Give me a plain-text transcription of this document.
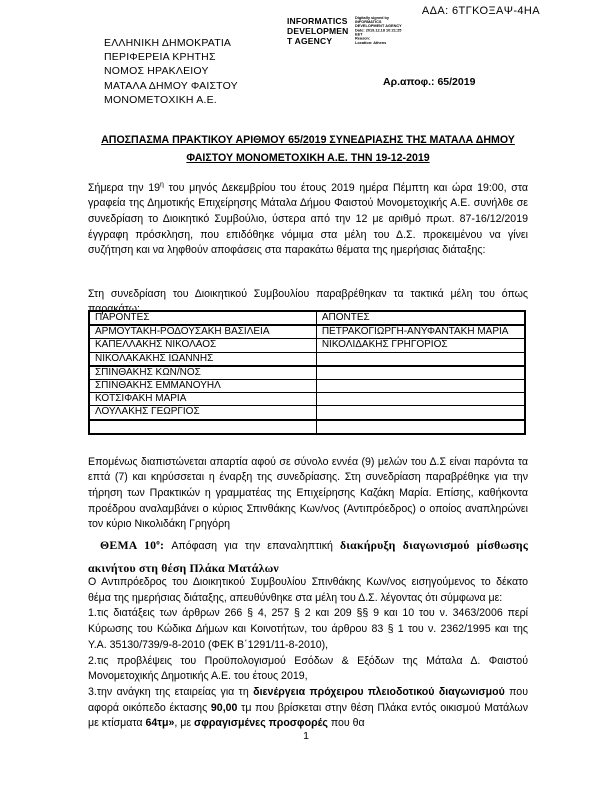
ΑΔΑ: 6ΤΓΚΟΞΑΨ-4ΗΑ
INFORMATICS
DEVELOPMEN
T AGENCY
Digitally signed by
INFORMATICS
DEVELOPMENT AGENCY
Date: 2019.12.18 10:21:25
EET
Reason:
Location: Athens
ΕΛΛΗΝΙΚΗ ΔΗΜΟΚΡΑΤΙΑ
ΠΕΡΙΦΕΡΕΙΑ ΚΡΗΤΗΣ
ΝΟΜΟΣ ΗΡΑΚΛΕΙΟΥ
ΜΑΤΑΛΑ ΔΗΜΟΥ ΦΑΙΣΤΟΥ
ΜΟΝΟΜΕΤΟΧΙΚΗ Α.Ε.
Αρ.αποφ.: 65/2019
ΑΠΟΣΠΑΣΜΑ ΠΡΑΚΤΙΚΟΥ ΑΡΙΘΜΟΥ 65/2019 ΣΥΝΕΔΡΙΑΣΗΣ ΤΗΣ ΜΑΤΑΛΑ ΔΗΜΟΥ ΦΑΙΣΤΟΥ ΜΟΝΟΜΕΤΟΧΙΚΗ Α.Ε. ΤΗΝ 19-12-2019

Σήμερα την $19^\eta$ του μηνός Δεκεμβρίου του έτους 2019 ημέρα Πέμπτη και ώρα 19:00, στα γραφεία της Δημοτικής Επιχείρησης Μάταλα Δήμου Φαιστού Μονομετοχικής Α.Ε. συνήλθε σε συνεδρίαση το Διοικητικό Συμβούλιο, ύστερα από την 12 με αριθμό πρωτ. 87-16/12/2019 έγγραφη πρόσκληση, που επιδόθηκε νόμιμα στα μέλη του Δ.Σ. προκειμένου να γίνει συζήτηση και να ληφθούν αποφάσεις στα παρακάτω θέματα της ημερήσιας διάταξης:

Στη συνεδρίαση του Διοικητικού Συμβουλίου παραβρέθηκαν τα τακτικά μέλη του όπως παρακάτω:

ΠΑΡΟΝΤΕΣ	ΑΠΟΝΤΕΣ
ΑΡΜΟΥΤΑΚΗ-ΡΟΔΟΥΣΑΚΗ ΒΑΣΙΛΕΙΑ	ΠΕΤΡΑΚΟΓΙΩΡΓΗ-ΑΝΥΦΑΝΤΑΚΗ ΜΑΡΙΑ
ΚΑΠΕΛΛΑΚΗΣ ΝΙΚΟΛΑΟΣ	ΝΙΚΟΛΙΔΑΚΗΣ ΓΡΗΓΟΡΙΟΣ
ΝΙΚΟΛΑΚΑΚΗΣ ΙΩΑΝΝΗΣ	
ΣΠΙΝΘΑΚΗΣ ΚΩΝ/ΝΟΣ	
ΣΠΙΝΘΑΚΗΣ ΕΜΜΑΝΟΥΗΛ	
ΚΟΤΣΙΦΑΚΗ ΜΑΡΙΑ	
ΛΟΥΛΑΚΗΣ ΓΕΩΡΓΙΟΣ	

Επομένως διαπιστώνεται απαρτία αφού σε σύνολο εννέα (9) μελών του Δ.Σ είναι παρόντα τα επτά (7) και κηρύσσεται η έναρξη της συνεδρίασης. Στη συνεδρίαση παραβρέθηκε για την τήρηση των Πρακτικών η γραμματέας της Επιχείρησης Καζάκη Μαρία. Επίσης, καθήκοντα προέδρου αναλαμβάνει ο κύριος Σπινθάκης Κων/νος (Αντιπρόεδρος) ο οποίος αναπληρώνει τον κύριο Νικολιδάκη Γρηγόρη

ΘΕΜΑ $10^o$: Απόφαση για την επαναληπτική διακήρυξη διαγωνισμού μίσθωσης ακινήτου στη θέση Πλάκα Ματάλων

Ο Αντιπρόεδρος του Διοικητικού Συμβουλίου Σπινθάκης Κων/νος εισηγούμενος το δέκατο θέμα της ημερήσιας διάταξης, απευθύνθηκε στα μέλη του Δ.Σ. λέγοντας ότι σύμφωνα με:

1.τις διατάξεις των άρθρων 266 § 4, 257 § 2 και 209 §§ 9 και 10 του ν. 3463/2006 περί Κύρωσης του Κώδικα Δήμων και Κοινοτήτων, του άρθρου 83 § 1 του ν. 2362/1995 και της Υ.Α. 35130/739/9-8-2010 (ΦΕΚ Β΄1291/11-8-2010),

2.τις προβλέψεις του Προϋπολογισμού Εσόδων & Εξόδων της Μάταλα Δ. Φαιστού Μονομετοχικής Δημοτικής Α.Ε. του έτους 2019,

3.την ανάγκη της εταιρείας για τη διενέργεια πρόχειρου πλειοδοτικού διαγωνισμού που αφορά οικόπεδο έκτασης 90,00 τμ που βρίσκεται στην θέση Πλάκα εντός οικισμού Ματάλων με κτίσματα 64τμ», με σφραγισμένες προσφορές που θα

1
